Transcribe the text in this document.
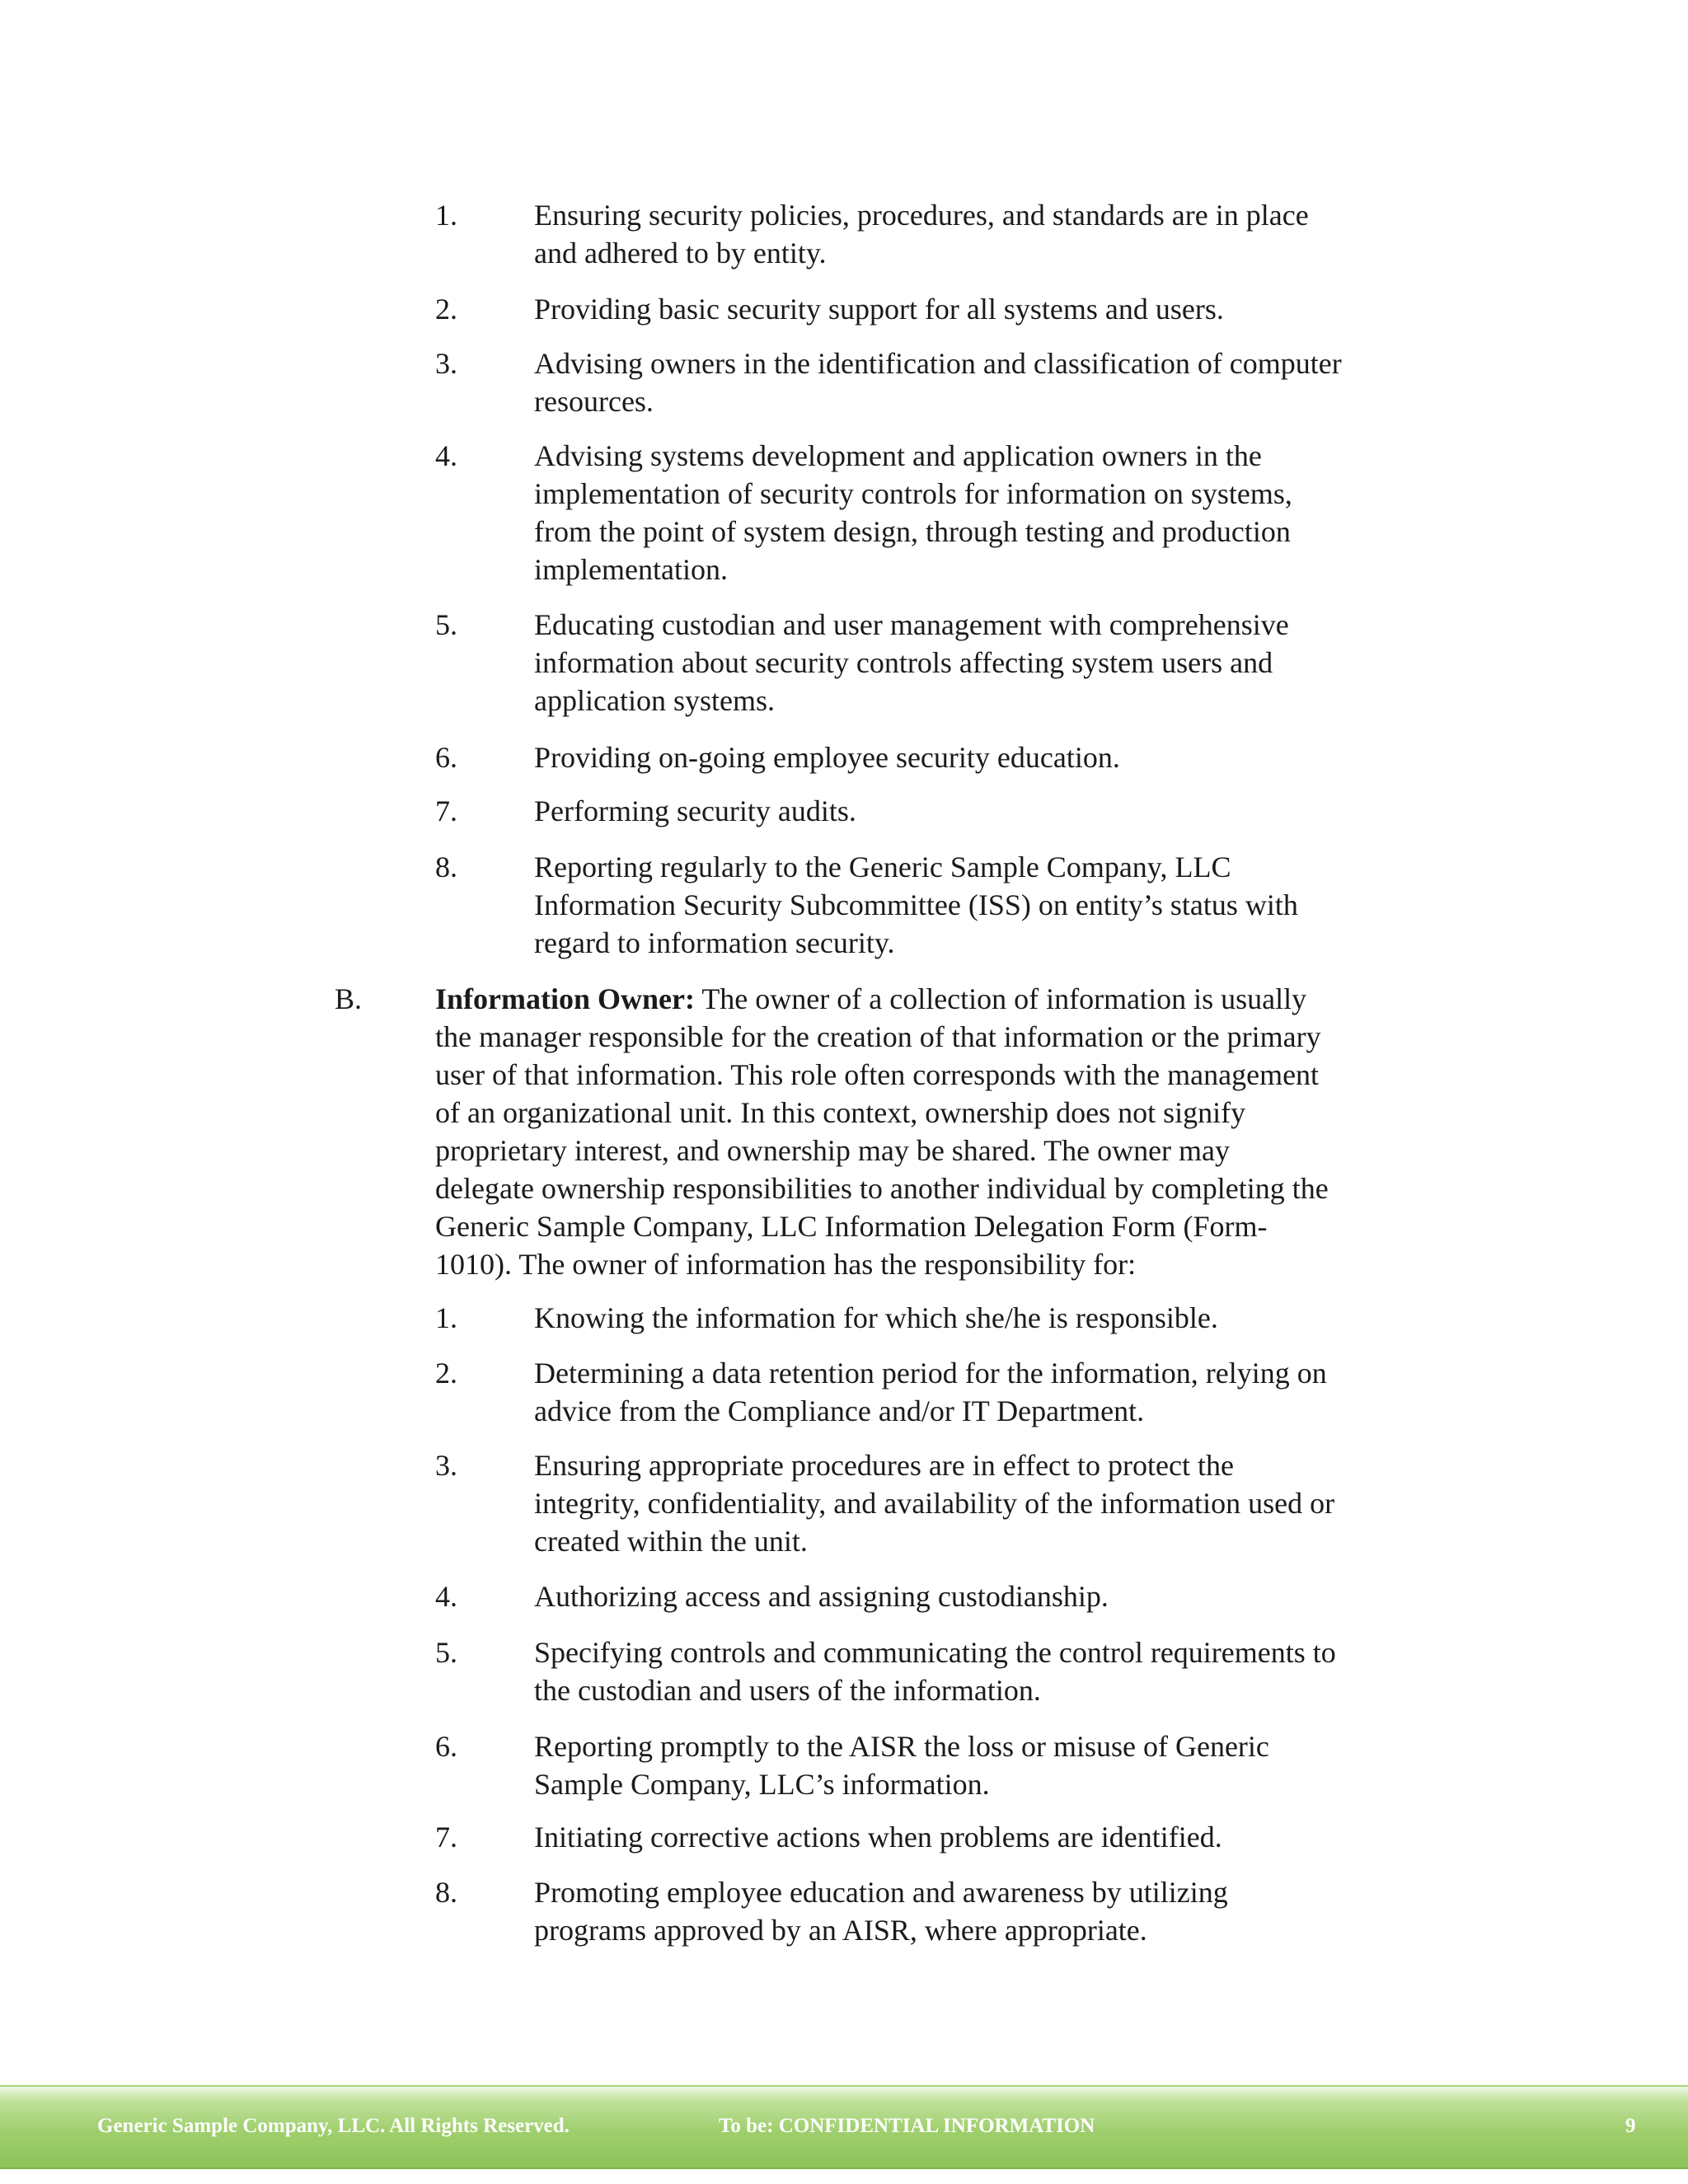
1.	Ensuring security policies, procedures, and standards are in place
and adhered to by entity.
2.	Providing basic security support for all systems and users.
3.	Advising owners in the identification and classification of computer
resources.
4.	Advising systems development and application owners in the
implementation of security controls for information on systems,
from the point of system design, through testing and production
implementation.
5.	Educating custodian and user management with comprehensive
information about security controls affecting system users and
application systems.
6.	Providing on-going employee security education.
7.	Performing security audits.
8.	Reporting regularly to the Generic Sample Company, LLC
Information Security Subcommittee (ISS) on entity’s status with
regard to information security.
B. Information Owner: The owner of a collection of information is usually
the manager responsible for the creation of that information or the primary
user of that information. This role often corresponds with the management
of an organizational unit. In this context, ownership does not signify
proprietary interest, and ownership may be shared. The owner may
delegate ownership responsibilities to another individual by completing the
Generic Sample Company, LLC Information Delegation Form (Form-
1010). The owner of information has the responsibility for:
1.	Knowing the information for which she/he is responsible.
2.	Determining a data retention period for the information, relying on
advice from the Compliance and/or IT Department.
3.	Ensuring appropriate procedures are in effect to protect the
integrity, confidentiality, and availability of the information used or
created within the unit.
4.	Authorizing access and assigning custodianship.
5.	Specifying controls and communicating the control requirements to
the custodian and users of the information.
6.	Reporting promptly to the AISR the loss or misuse of Generic
Sample Company, LLC’s information.
7.	Initiating corrective actions when problems are identified.
8.	Promoting employee education and awareness by utilizing
programs approved by an AISR, where appropriate.
Generic Sample Company, LLC. All Rights Reserved.	To be: CONFIDENTIAL INFORMATION	9
